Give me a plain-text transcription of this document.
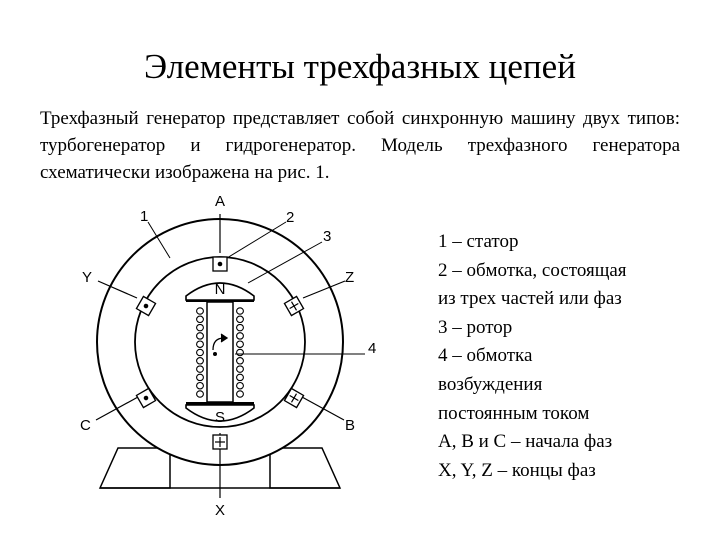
Элементы трехфазных цепей

Трехфазный генератор представляет собой синхронную машину двух типов: турбогенератор и гидрогенератор. Модель трехфазного генератора схематически изображена на рис. 1.

N
S
1	2
3
4
A
X
Y	Z
C	B
1 – статор
2 – обмотка, состоящая
из трех частей или фаз
3 – ротор
4 – обмотка
возбуждения
постоянным током
А, В и С – начала фаз
X, Y, Z – концы фаз
